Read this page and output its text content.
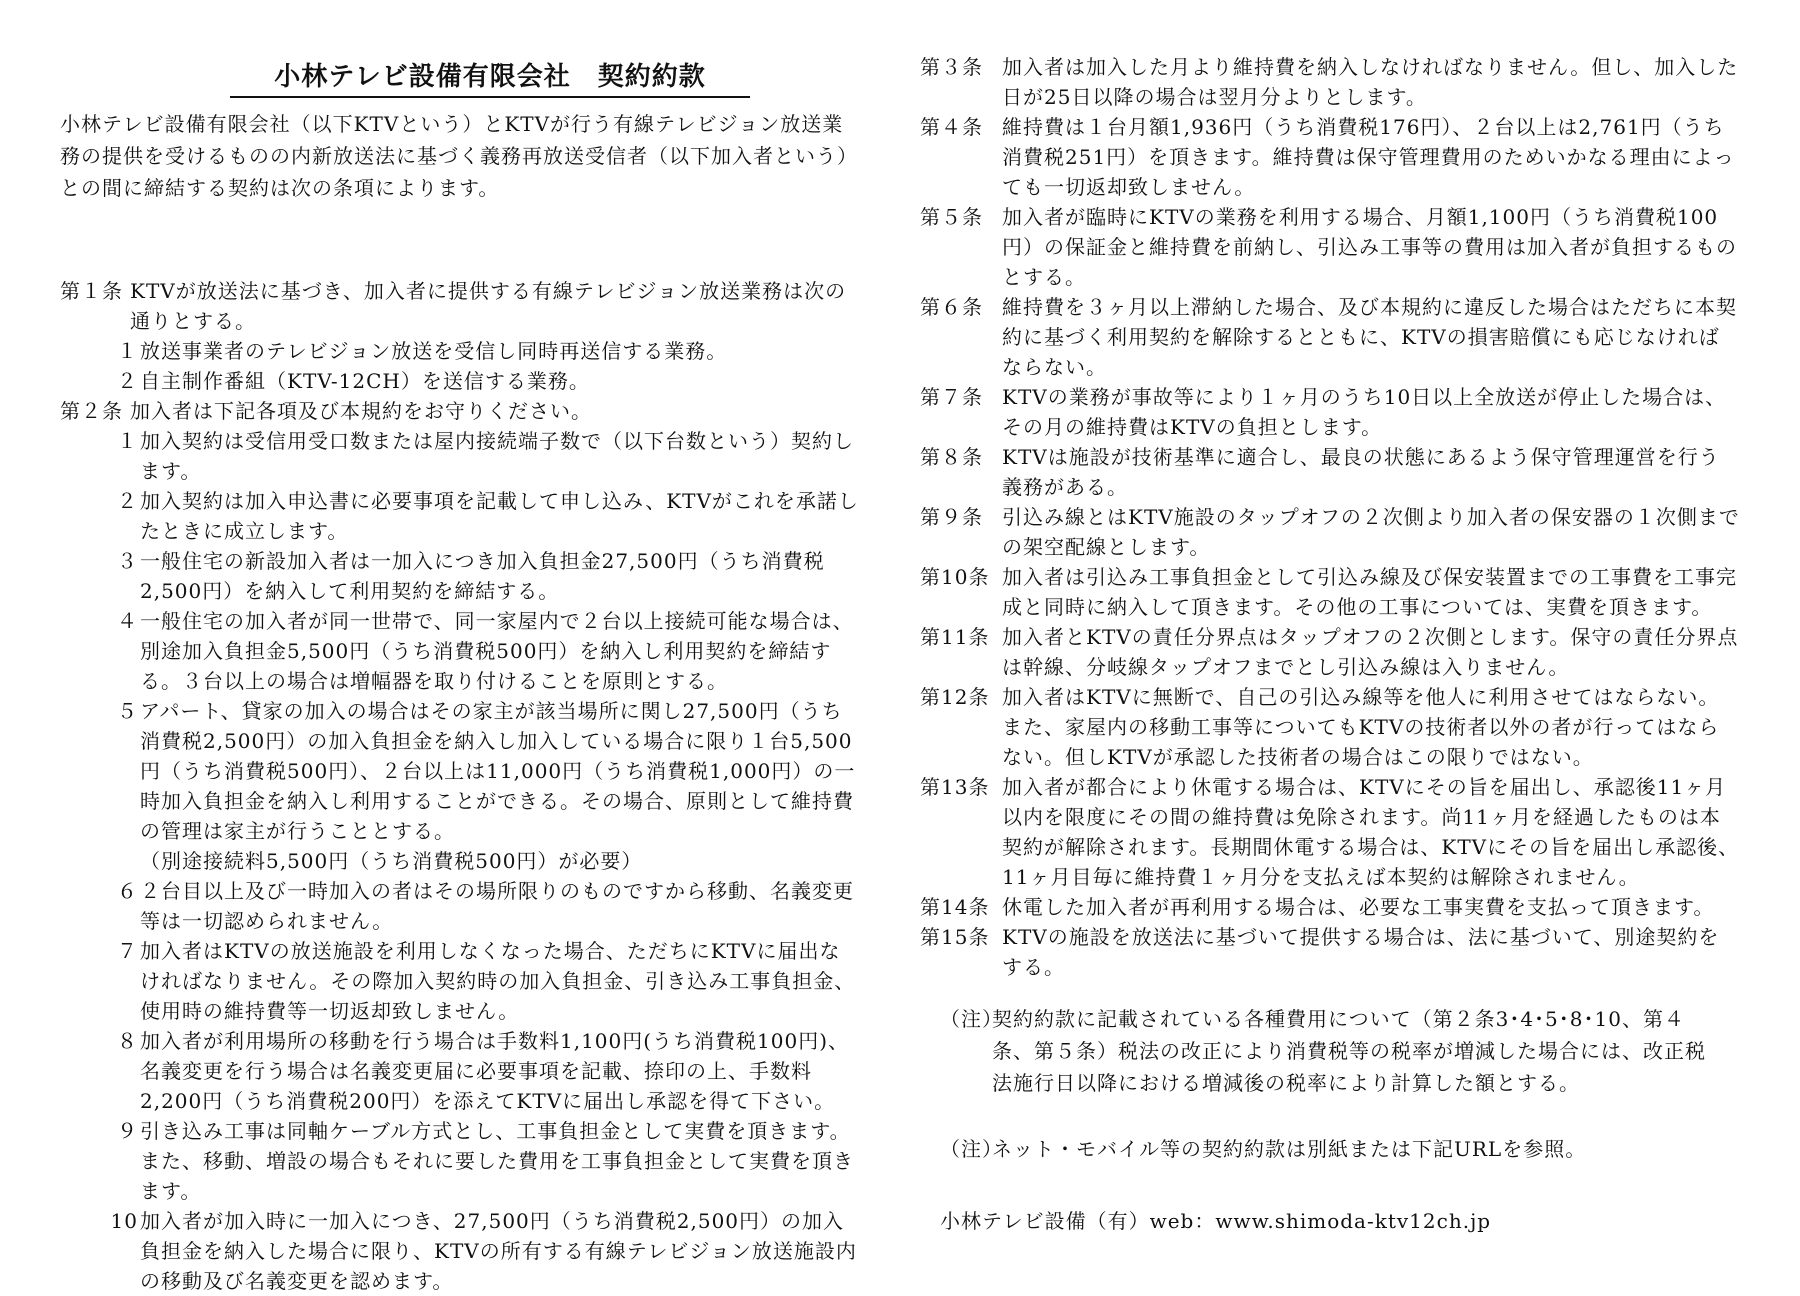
小林テレビ設備有限会社　契約約款
小林テレビ設備有限会社（以下KTVという）とKTVが行う有線テレビジョン放送業務の提供を受けるものの内新放送法に基づく義務再放送受信者（以下加入者という）との間に締結する契約は次の条項によります。
第１条 KTVが放送法に基づき、加入者に提供する有線テレビジョン放送業務は次の通りとする。
１ 放送事業者のテレビジョン放送を受信し同時再送信する業務。
２ 自主制作番組（KTV-12CH）を送信する業務。
第２条 加入者は下記各項及び本規約をお守りください。
１ 加入契約は受信用受口数または屋内接続端子数で（以下台数という）契約します。
２ 加入契約は加入申込書に必要事項を記載して申し込み、KTVがこれを承諾したときに成立します。
３ 一般住宅の新設加入者は一加入につき加入負担金27,500円（うち消費税2,500円）を納入して利用契約を締結する。
４ 一般住宅の加入者が同一世帯で、同一家屋内で２台以上接続可能な場合は、別途加入負担金5,500円（うち消費税500円）を納入し利用契約を締結する。３台以上の場合は増幅器を取り付けることを原則とする。
５ アパート、貸家の加入の場合はその家主が該当場所に関し27,500円（うち消費税2,500円）の加入負担金を納入し加入している場合に限り１台5,500円（うち消費税500円）、２台以上は11,000円（うち消費税1,000円）の一時加入負担金を納入し利用することができる。その場合、原則として維持費の管理は家主が行うこととする。
（別途接続料5,500円（うち消費税500円）が必要）
６ ２台目以上及び一時加入の者はその場所限りのものですから移動、名義変更等は一切認められません。
７ 加入者はKTVの放送施設を利用しなくなった場合、ただちにKTVに届出なければなりません。その際加入契約時の加入負担金、引き込み工事負担金、使用時の維持費等一切返却致しません。
８ 加入者が利用場所の移動を行う場合は手数料1,100円(うち消費税100円)、名義変更を行う場合は名義変更届に必要事項を記載、捺印の上、手数料2,200円（うち消費税200円）を添えてKTVに届出し承認を得て下さい。
９ 引き込み工事は同軸ケーブル方式とし、工事負担金として実費を頂きます。また、移動、増設の場合もそれに要した費用を工事負担金として実費を頂きます。
10 加入者が加入時に一加入につき、27,500円（うち消費税2,500円）の加入負担金を納入した場合に限り、KTVの所有する有線テレビジョン放送施設内の移動及び名義変更を認めます。
第３条 加入者は加入した月より維持費を納入しなければなりません。但し、加入した日が25日以降の場合は翌月分よりとします。
第４条 維持費は１台月額1,936円（うち消費税176円）、２台以上は2,761円（うち消費税251円）を頂きます。維持費は保守管理費用のためいかなる理由によっても一切返却致しません。
第５条 加入者が臨時にKTVの業務を利用する場合、月額1,100円（うち消費税100円）の保証金と維持費を前納し、引込み工事等の費用は加入者が負担するものとする。
第６条 維持費を３ヶ月以上滞納した場合、及び本規約に違反した場合はただちに本契約に基づく利用契約を解除するとともに、KTVの損害賠償にも応じなければならない。
第７条 KTVの業務が事故等により１ヶ月のうち10日以上全放送が停止した場合は、その月の維持費はKTVの負担とします。
第８条 KTVは施設が技術基準に適合し、最良の状態にあるよう保守管理運営を行う義務がある。
第９条 引込み線とはKTV施設のタップオフの２次側より加入者の保安器の１次側までの架空配線とします。
第10条 加入者は引込み工事負担金として引込み線及び保安装置までの工事費を工事完成と同時に納入して頂きます。その他の工事については、実費を頂きます。
第11条 加入者とKTVの責任分界点はタップオフの２次側とします。保守の責任分界点は幹線、分岐線タップオフまでとし引込み線は入りません。
第12条 加入者はKTVに無断で、自己の引込み線等を他人に利用させてはならない。また、家屋内の移動工事等についてもKTVの技術者以外の者が行ってはならない。但しKTVが承認した技術者の場合はこの限りではない。
第13条 加入者が都合により休電する場合は、KTVにその旨を届出し、承認後11ヶ月以内を限度にその間の維持費は免除されます。尚11ヶ月を経過したものは本契約が解除されます。長期間休電する場合は、KTVにその旨を届出し承認後、11ヶ月目毎に維持費１ヶ月分を支払えば本契約は解除されません。
第14条 休電した加入者が再利用する場合は、必要な工事実費を支払って頂きます。
第15条 KTVの施設を放送法に基づいて提供する場合は、法に基づいて、別途契約をする。
（注）
契約約款に記載されている各種費用について（第２条3･4･5･8･10、第４条、第５条）税法の改正により消費税等の税率が増減した場合には、改正税法施行日以降における増減後の税率により計算した額とする。
（注）
ネット・モバイル等の契約約款は別紙または下記URLを参照。
小林テレビ設備（有）web：www.shimoda-ktv12ch.jp
